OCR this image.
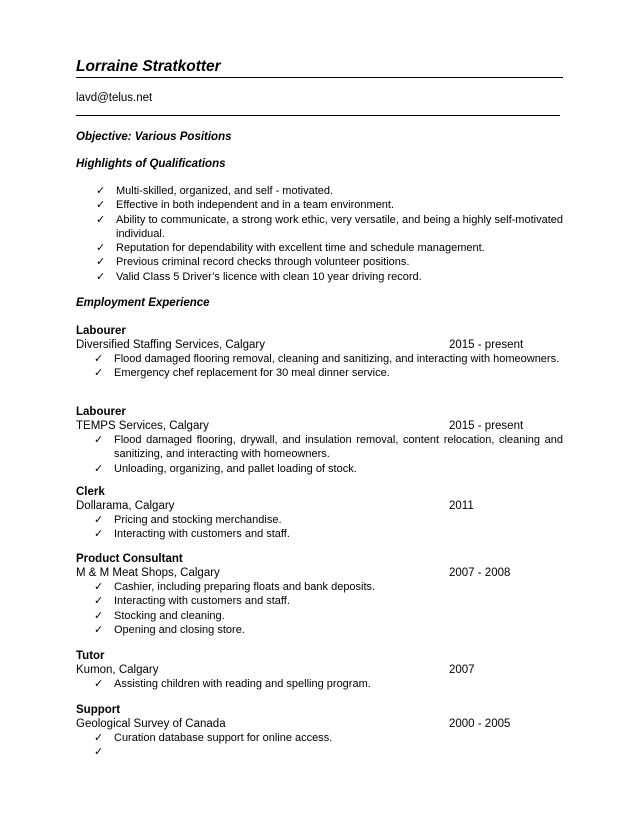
Lorraine Stratkotter
lavd@telus.net
Objective: Various Positions
Highlights of Qualifications
✓ Multi-skilled, organized, and self - motivated.
✓ Effective in both independent and in a team environment.
✓ Ability to communicate, a strong work ethic, very versatile, and being a highly self-motivated individual.
✓ Reputation for dependability with excellent time and schedule management.
✓ Previous criminal record checks through volunteer positions.
✓ Valid Class 5 Driver’s licence with clean 10 year driving record.
Employment Experience
Labourer
Diversified Staffing Services, Calgary	2015 - present
✓ Flood damaged flooring removal, cleaning and sanitizing, and interacting with homeowners.
✓ Emergency chef replacement for 30 meal dinner service.
Labourer
TEMPS Services, Calgary	2015 - present
✓ Flood damaged flooring, drywall, and insulation removal, content relocation, cleaning and sanitizing, and interacting with homeowners.
✓ Unloading, organizing, and pallet loading of stock.
Clerk
Dollarama, Calgary	2011
✓ Pricing and stocking merchandise.
✓ Interacting with customers and staff.
Product Consultant
M & M Meat Shops, Calgary	2007 - 2008
✓ Cashier, including preparing floats and bank deposits.
✓ Interacting with customers and staff.
✓ Stocking and cleaning.
✓ Opening and closing store.
Tutor
Kumon, Calgary	2007
✓ Assisting children with reading and spelling program.
Support
Geological Survey of Canada	2000 - 2005
✓ Curation database support for online access.
✓
